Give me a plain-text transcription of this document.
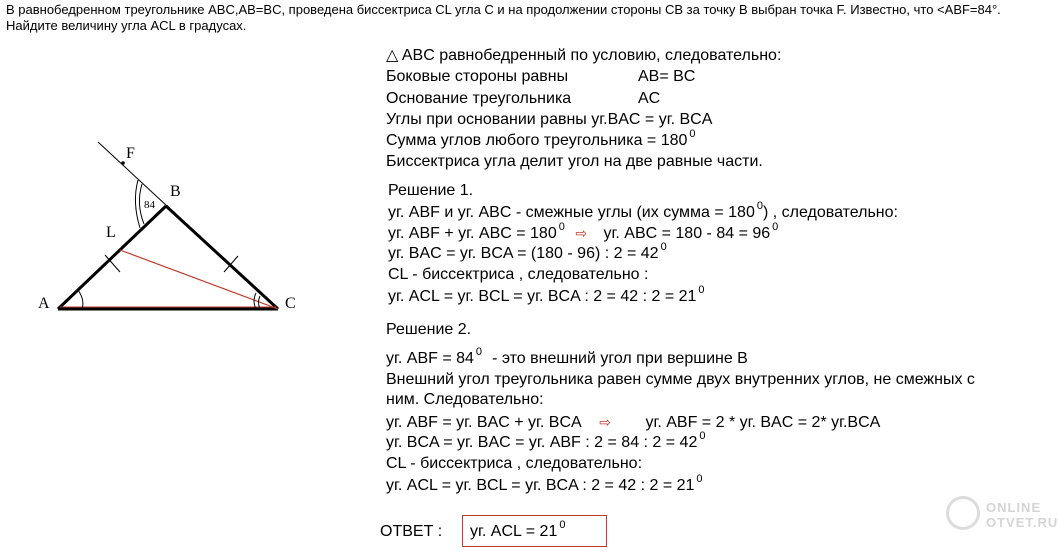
В равнобедренном треугольнике ABC,AB=BC, проведена биссектриса CL угла С и на продолжении стороны CB за точку B выбран точка F. Известно, что <ABF=84°.
Найдите величину угла ACL в градусах.
F
B
L
A	C
84
△ ABC равнобедренный по условию, следовательно:
Боковые стороны равны	AB= BC
Основание треугольника	AC
Углы при основании равны уг.BAC = уг. BCA
Сумма углов любого треугольника = 180 $^0$
Биссектриса угла делит угол на две равные части.
Решение 1.
уг. ABF и уг. ABC - смежные углы (их сумма = 180 $^0$) , следовательно:
уг. ABF + уг. ABC = 180 $^0$ ⇨ уг. ABC = 180 - 84 = 96 $^0$
уг. BAC = уг. BCA = (180 - 96) : 2 = 42 $^0$
CL - биссектриса , следовательно :
уг. ACL = уг. BCL = уг. BCA : 2 = 42 : 2 = 21 $^0$
Решение 2.
уг. ABF = 84 $^0$ - это внешний угол при вершине B
Внешний угол треугольника равен сумме двух внутренних углов, не смежных с
ним. Следовательно:
уг. ABF = уг. BAC + уг. BCA ⇨ уг. ABF = 2 * уг. BAC = 2* уг.BCA
уг. BCA = уг. BAC = уг. ABF : 2 = 84 : 2 = 42 $^0$
CL - биссектриса , следовательно:
уг. ACL = уг. BCL = уг. BCA : 2 = 42 : 2 = 21 $^0$
ОТВЕТ : уг. ACL = 21 $^0$
ONLINE
OTVET.RU
